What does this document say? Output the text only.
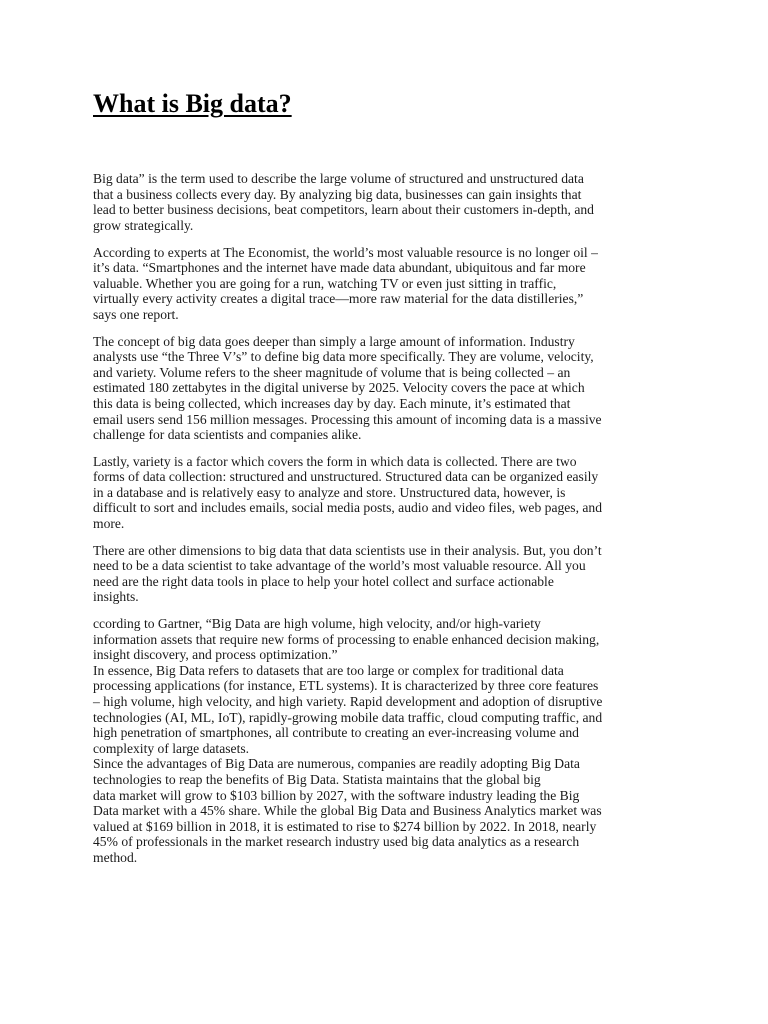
What is Big data?

Big data” is the term used to describe the large volume of structured and unstructured data
that a business collects every day. By analyzing big data, businesses can gain insights that
lead to better business decisions, beat competitors, learn about their customers in-depth, and
grow strategically.

According to experts at The Economist, the world’s most valuable resource is no longer oil –
it’s data. “Smartphones and the internet have made data abundant, ubiquitous and far more
valuable. Whether you are going for a run, watching TV or even just sitting in traffic,
virtually every activity creates a digital trace—more raw material for the data distilleries,”
says one report.

The concept of big data goes deeper than simply a large amount of information. Industry
analysts use “the Three V’s” to define big data more specifically. They are volume, velocity,
and variety. Volume refers to the sheer magnitude of volume that is being collected – an
estimated 180 zettabytes in the digital universe by 2025. Velocity covers the pace at which
this data is being collected, which increases day by day. Each minute, it’s estimated that
email users send 156 million messages. Processing this amount of incoming data is a massive
challenge for data scientists and companies alike.

Lastly, variety is a factor which covers the form in which data is collected. There are two
forms of data collection: structured and unstructured. Structured data can be organized easily
in a database and is relatively easy to analyze and store. Unstructured data, however, is
difficult to sort and includes emails, social media posts, audio and video files, web pages, and
more.

There are other dimensions to big data that data scientists use in their analysis. But, you don’t
need to be a data scientist to take advantage of the world’s most valuable resource. All you
need are the right data tools in place to help your hotel collect and surface actionable
insights.

ccording to Gartner, “Big Data are high volume, high velocity, and/or high-variety
information assets that require new forms of processing to enable enhanced decision making,
insight discovery, and process optimization.”
In essence, Big Data refers to datasets that are too large or complex for traditional data
processing applications (for instance, ETL systems). It is characterized by three core features
– high volume, high velocity, and high variety. Rapid development and adoption of disruptive
technologies (AI, ML, IoT), rapidly-growing mobile data traffic, cloud computing traffic, and
high penetration of smartphones, all contribute to creating an ever-increasing volume and
complexity of large datasets.
Since the advantages of Big Data are numerous, companies are readily adopting Big Data
technologies to reap the benefits of Big Data. Statista maintains that the global big
data market will grow to $103 billion by 2027, with the software industry leading the Big
Data market with a 45% share. While the global Big Data and Business Analytics market was
valued at $169 billion in 2018, it is estimated to rise to $274 billion by 2022. In 2018, nearly
45% of professionals in the market research industry used big data analytics as a research
method.
